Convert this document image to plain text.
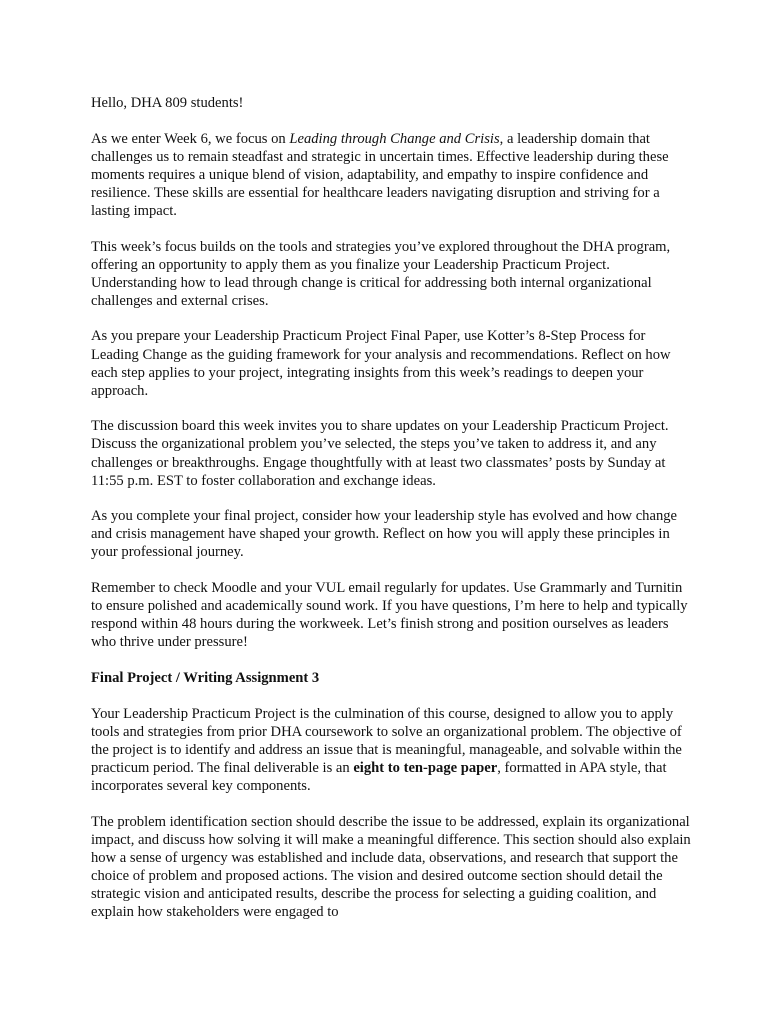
Hello, DHA 809 students!

As we enter Week 6, we focus on Leading through Change and Crisis, a leadership domain that challenges us to remain steadfast and strategic in uncertain times. Effective leadership during these moments requires a unique blend of vision, adaptability, and empathy to inspire confidence and resilience. These skills are essential for healthcare leaders navigating disruption and striving for a lasting impact.

This week’s focus builds on the tools and strategies you’ve explored throughout the DHA program, offering an opportunity to apply them as you finalize your Leadership Practicum Project. Understanding how to lead through change is critical for addressing both internal organizational challenges and external crises.

As you prepare your Leadership Practicum Project Final Paper, use Kotter’s 8-Step Process for Leading Change as the guiding framework for your analysis and recommendations. Reflect on how each step applies to your project, integrating insights from this week’s readings to deepen your approach.

The discussion board this week invites you to share updates on your Leadership Practicum Project. Discuss the organizational problem you’ve selected, the steps you’ve taken to address it, and any challenges or breakthroughs. Engage thoughtfully with at least two classmates’ posts by Sunday at 11:55 p.m. EST to foster collaboration and exchange ideas.

As you complete your final project, consider how your leadership style has evolved and how change and crisis management have shaped your growth. Reflect on how you will apply these principles in your professional journey.

Remember to check Moodle and your VUL email regularly for updates. Use Grammarly and Turnitin to ensure polished and academically sound work. If you have questions, I’m here to help and typically respond within 48 hours during the workweek. Let’s finish strong and position ourselves as leaders who thrive under pressure!

Final Project / Writing Assignment 3

Your Leadership Practicum Project is the culmination of this course, designed to allow you to apply tools and strategies from prior DHA coursework to solve an organizational problem. The objective of the project is to identify and address an issue that is meaningful, manageable, and solvable within the practicum period. The final deliverable is an eight to ten-page paper, formatted in APA style, that incorporates several key components.

The problem identification section should describe the issue to be addressed, explain its organizational impact, and discuss how solving it will make a meaningful difference. This section should also explain how a sense of urgency was established and include data, observations, and research that support the choice of problem and proposed actions. The vision and desired outcome section should detail the strategic vision and anticipated results, describe the process for selecting a guiding coalition, and explain how stakeholders were engaged to
